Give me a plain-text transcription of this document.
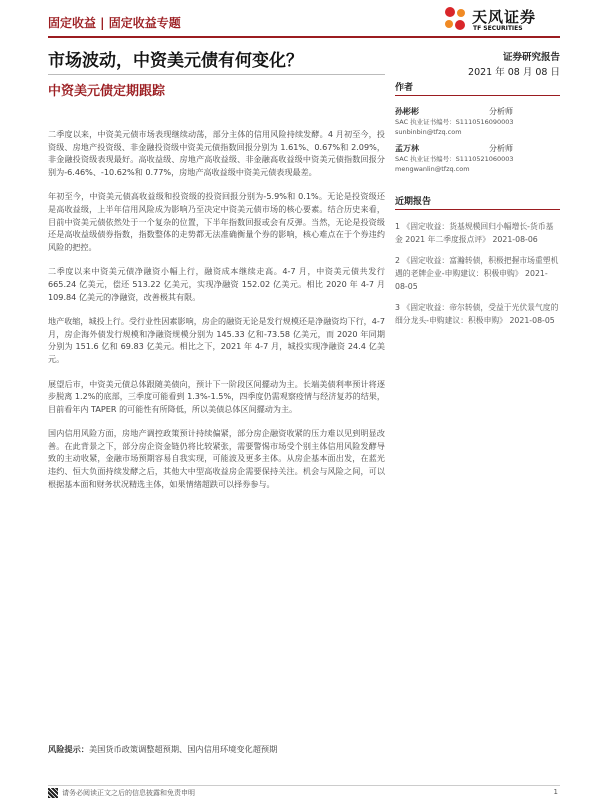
固定收益 | 固定收益专题	天风证券
TF SECURITIES
市场波动，中资美元债有何变化？
中资美元债定期跟踪
证券研究报告
2021 年 08 月 08 日

二季度以来，中资美元债市场表现继续动荡，部分主体的信用风险持续发酵。4 月初至今，投资级、房地产投资级、非金融投资级中资美元债指数回报分别为 1.61%、0.67%和 2.09%，非金融投资级表现最好。高收益级、房地产高收益级、非金融高收益级中资美元债指数回报分别为-6.46%、-10.62%和 0.77%，房地产高收益级中资美元债表现最差。

年初至今，中资美元债高收益级和投资级的投资回报分别为-5.9%和 0.1%。无论是投资级还是高收益级，上半年信用风险成为影响乃至决定中资美元债市场的核心要素。结合历史来看，目前中资美元债依然处于一个复杂的位置，下半年指数回报或会有反弹。当然，无论是投资级还是高收益级债券指数，指数整体的走势都无法准确衡量个券的影响，核心难点在于个券违约风险的把控。

二季度以来中资美元债净融资小幅上行，融资成本继续走高。4-7 月，中资美元债共发行 665.24 亿美元，偿还 513.22 亿美元，实现净融资 152.02 亿美元。相比 2020 年 4-7 月 109.84 亿美元的净融资，改善极其有限。

地产收缩，城投上行。受行业性因素影响，房企的融资无论是发行规模还是净融资均下行，4-7 月，房企海外债发行规模和净融资规模分别为 145.33 亿和-73.58 亿美元，而 2020 年同期分别为 151.6 亿和 69.83 亿美元。相比之下，2021 年 4-7 月，城投实现净融资 24.4 亿美元。

展望后市，中资美元债总体跟随美债向，预计下一阶段区间擺动为主。长端美债利率预计将逐步脱离 1.2%的底部，三季度可能看到 1.3%-1.5%，四季度仍需观察疫情与经济复苏的结果，目前看年内 TAPER 的可能性有所降低，所以美债总体区间擺动为主。

国内信用风险方面，房地产调控政策预计持续偏紧，部分房企融资收紧的压力难以见到明显改善。在此背景之下，部分房企资金链仍将比较紧张，需要警惕市场受个别主体信用风险发酵导致的主动收紧，金融市场预期容易自我实现，可能波及更多主体。从房企基本面出发，在蓝光违约、恒大负面持续发酵之后，其他大中型高收益房企需要保持关注。机会与风险之间，可以根据基本面和财务状况精选主体，如果情绪超跌可以择券参与。

作者
孙彬彬	分析师
SAC 执业证书编号：S1110516090003
sunbinbin@tfzq.com
孟万林	分析师
SAC 执业证书编号：S1110521060003
mengwanlin@tfzq.com
近期报告
1 《固定收益：货基规模回归小幅增长-货币基金 2021 年二季度报点评》 2021-08-06
2 《固定收益：富瀚转债，积极把握市场重塑机遇的老牌企业-申购建议：积极申购》 2021-08-05
3 《固定收益：帝尔转债，受益于光伏景气度的细分龙头-申购建议：积极申购》 2021-08-05
风险提示：美国货币政策调整超预期、国内信用环境变化超预期
请务必阅读正文之后的信息披露和免责申明	1
